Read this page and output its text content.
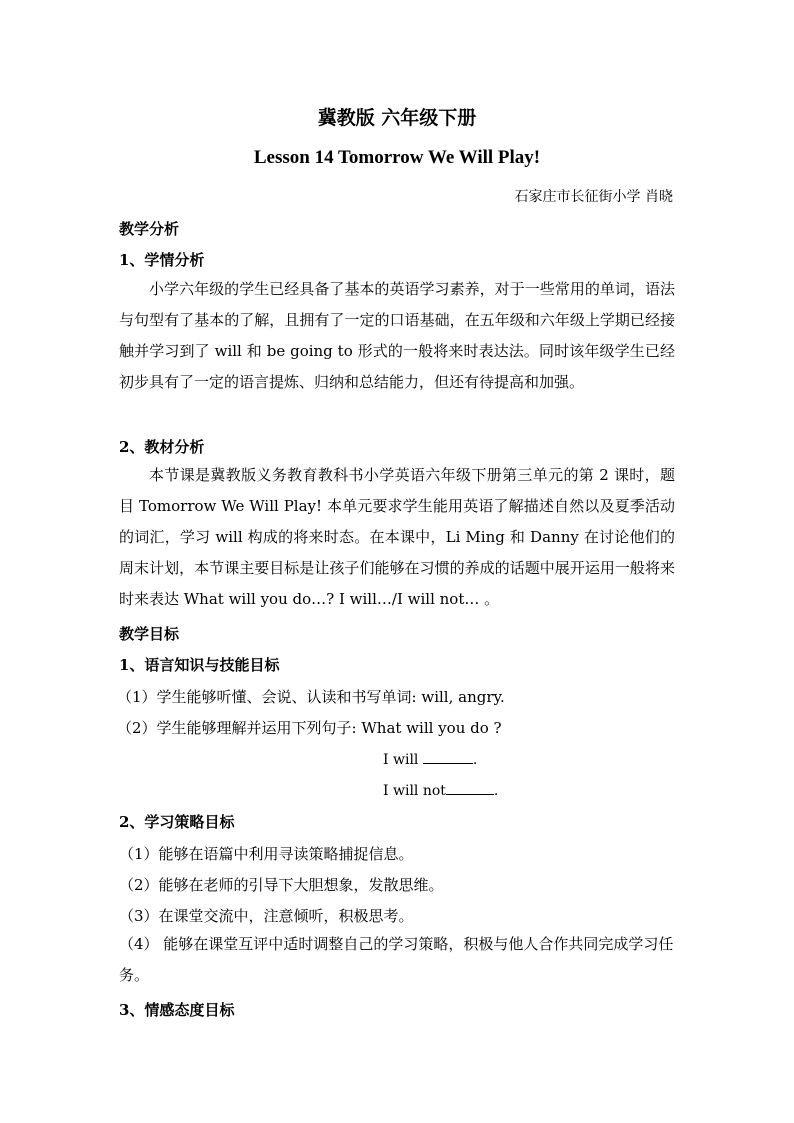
冀教版 六年级下册
Lesson 14 Tomorrow We Will Play!
石家庄市长征街小学 肖晓
教学分析
1、学情分析

小学六年级的学生已经具备了基本的英语学习素养，对于一些常用的单词，语法与句型有了基本的了解，且拥有了一定的口语基础，在五年级和六年级上学期已经接触并学习到了 will 和 be going to 形式的一般将来时表达法。同时该年级学生已经初步具有了一定的语言提炼、归纳和总结能力，但还有待提高和加强。

2、教材分析

本节课是冀教版义务教育教科书小学英语六年级下册第三单元的第 2 课时，题目 Tomorrow We Will Play! 本单元要求学生能用英语了解描述自然以及夏季活动的词汇，学习 will 构成的将来时态。在本课中，Li Ming 和 Danny 在讨论他们的周末计划，本节课主要目标是让孩子们能够在习惯的养成的话题中展开运用一般将来时来表达 What will you do…? I will…/I will not… 。

教学目标
1、语言知识与技能目标
（1）学生能够听懂、会说、认读和书写单词: will, angry.
（2）学生能够理解并运用下列句子: What will you do ?
I will	.
I will not	.
2、学习策略目标
（1）能够在语篇中利用寻读策略捕捉信息。
（2）能够在老师的引导下大胆想象，发散思维。
（3）在课堂交流中，注意倾听，积极思考。

（4） 能够在课堂互评中适时调整自己的学习策略，积极与他人合作共同完成学习任务。

3、情感态度目标
